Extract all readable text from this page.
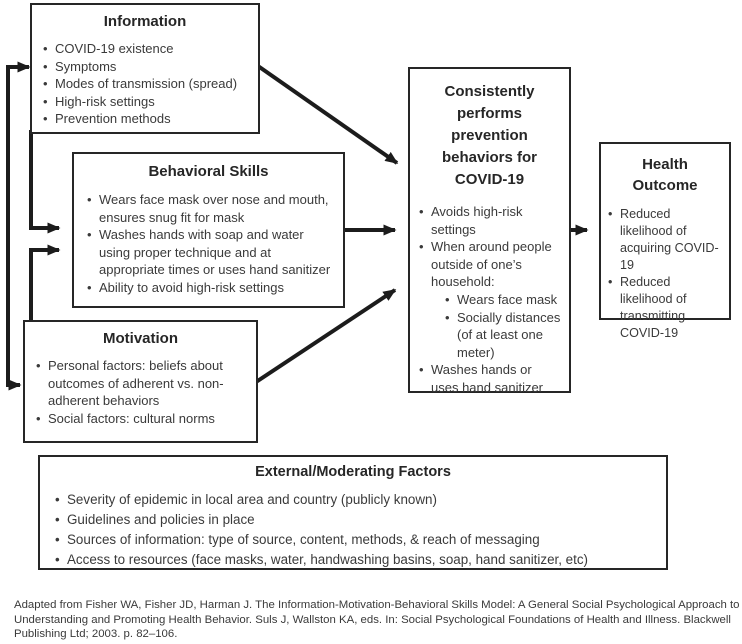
Information
• COVID-19 existence
• Symptoms
• Modes of transmission (spread)
• High-risk settings
• Prevention methods
Behavioral Skills
• Wears face mask over nose and mouth, ensures snug fit for mask
• Washes hands with soap and water using proper technique and at appropriate times or uses hand sanitizer
• Ability to avoid high-risk settings
Motivation
• Personal factors: beliefs about outcomes of adherent vs. non-adherent behaviors
• Social factors: cultural norms
Consistently performs prevention behaviors for COVID-19
• Avoids high-risk settings
• When around people outside of one’s household:
• Wears face mask
• Socially distances (of at least one meter)
• Washes hands or uses hand sanitizer
Health Outcome
• Reduced likelihood of acquiring COVID-19
• Reduced likelihood of transmitting COVID-19
External/Moderating Factors
• Severity of epidemic in local area and country (publicly known)
• Guidelines and policies in place
• Sources of information: type of source, content, methods, & reach of messaging
• Access to resources (face masks, water, handwashing basins, soap, hand sanitizer, etc)
Adapted from Fisher WA, Fisher JD, Harman J. The Information-Motivation-Behavioral Skills Model: A General Social Psychological Approach to Understanding and Promoting Health Behavior. Suls J, Wallston KA, eds. In: Social Psychological Foundations of Health and Illness. Blackwell Publishing Ltd; 2003. p. 82–106.
